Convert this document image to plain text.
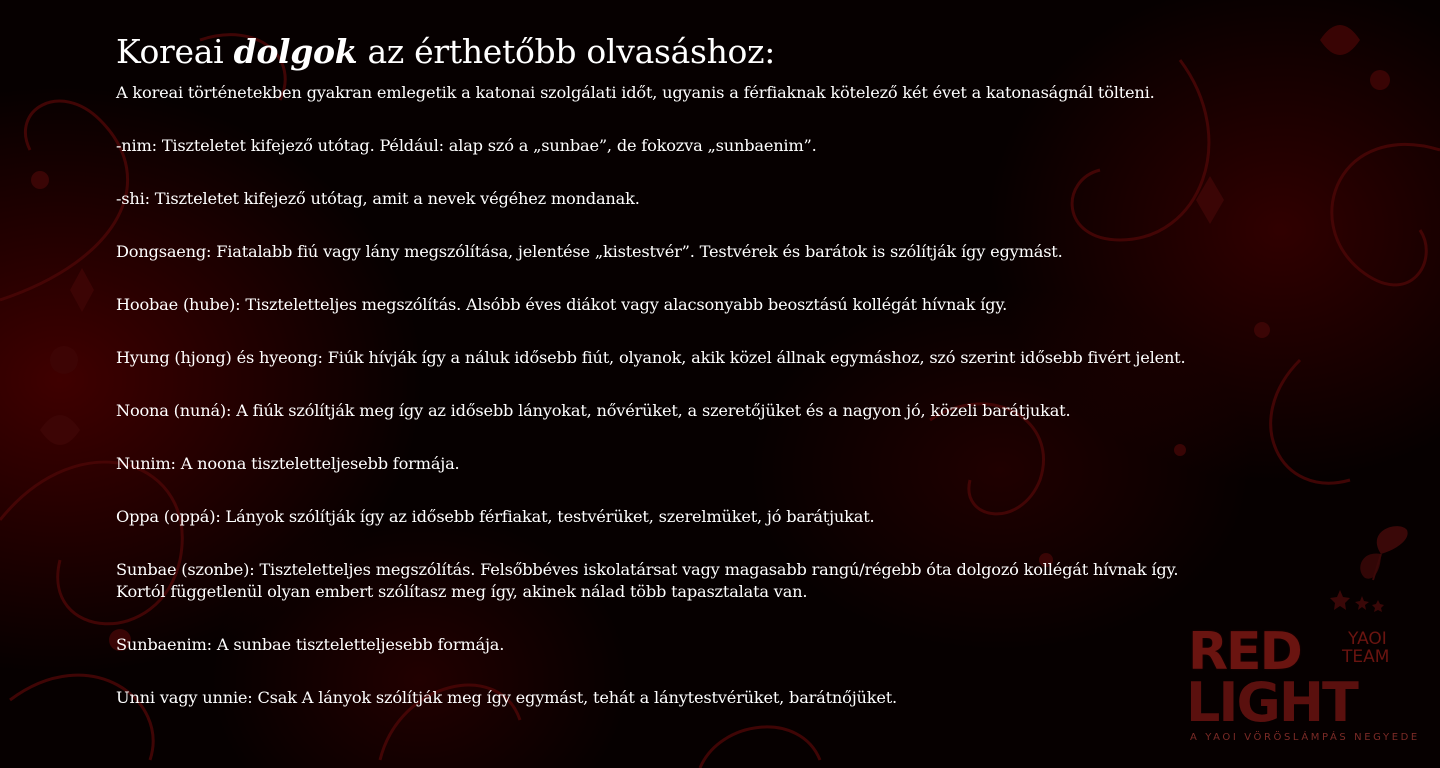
Koreai dolgok az érthetőbb olvasáshoz:
A koreai történetekben gyakran emlegetik a katonai szolgálati időt, ugyanis a férfiaknak kötelező két évet a katonaságnál tölteni.
-nim: Tiszteletet kifejező utótag. Például: alap szó a „sunbae”, de fokozva „sunbaenim”.
-shi: Tiszteletet kifejező utótag, amit a nevek végéhez mondanak.
Dongsaeng: Fiatalabb fiú vagy lány megszólítása, jelentése „kistestvér”. Testvérek és barátok is szólítják így egymást.
Hoobae (hube): Tiszteletteljes megszólítás. Alsóbb éves diákot vagy alacsonyabb beosztású kollégát hívnak így.
Hyung (hjong) és hyeong: Fiúk hívják így a náluk idősebb fiút, olyanok, akik közel állnak egymáshoz, szó szerint idősebb fivért jelent.
Noona (nuná): A fiúk szólítják meg így az idősebb lányokat, nővérüket, a szeretőjüket és a nagyon jó, közeli barátjukat.
Nunim: A noona tiszteletteljesebb formája.
Oppa (oppá): Lányok szólítják így az idősebb férfiakat, testvérüket, szerelmüket, jó barátjukat.
Sunbae (szonbe): Tiszteletteljes megszólítás. Felsőbbéves iskolatársat vagy magasabb rangú/régebb óta dolgozó kollégát hívnak így.
Kortól függetlenül olyan embert szólítasz meg így, akinek nálad több tapasztalata van.
Sunbaenim: A sunbae tiszteletteljesebb formája.
Unni vagy unnie: Csak A lányok szólítják meg így egymást, tehát a lánytestvérüket, barátnőjüket.
RED	YAOI
TEAM
LIGHT
A YAOI VÖRÖSLÁMPÁS NEGYEDE
